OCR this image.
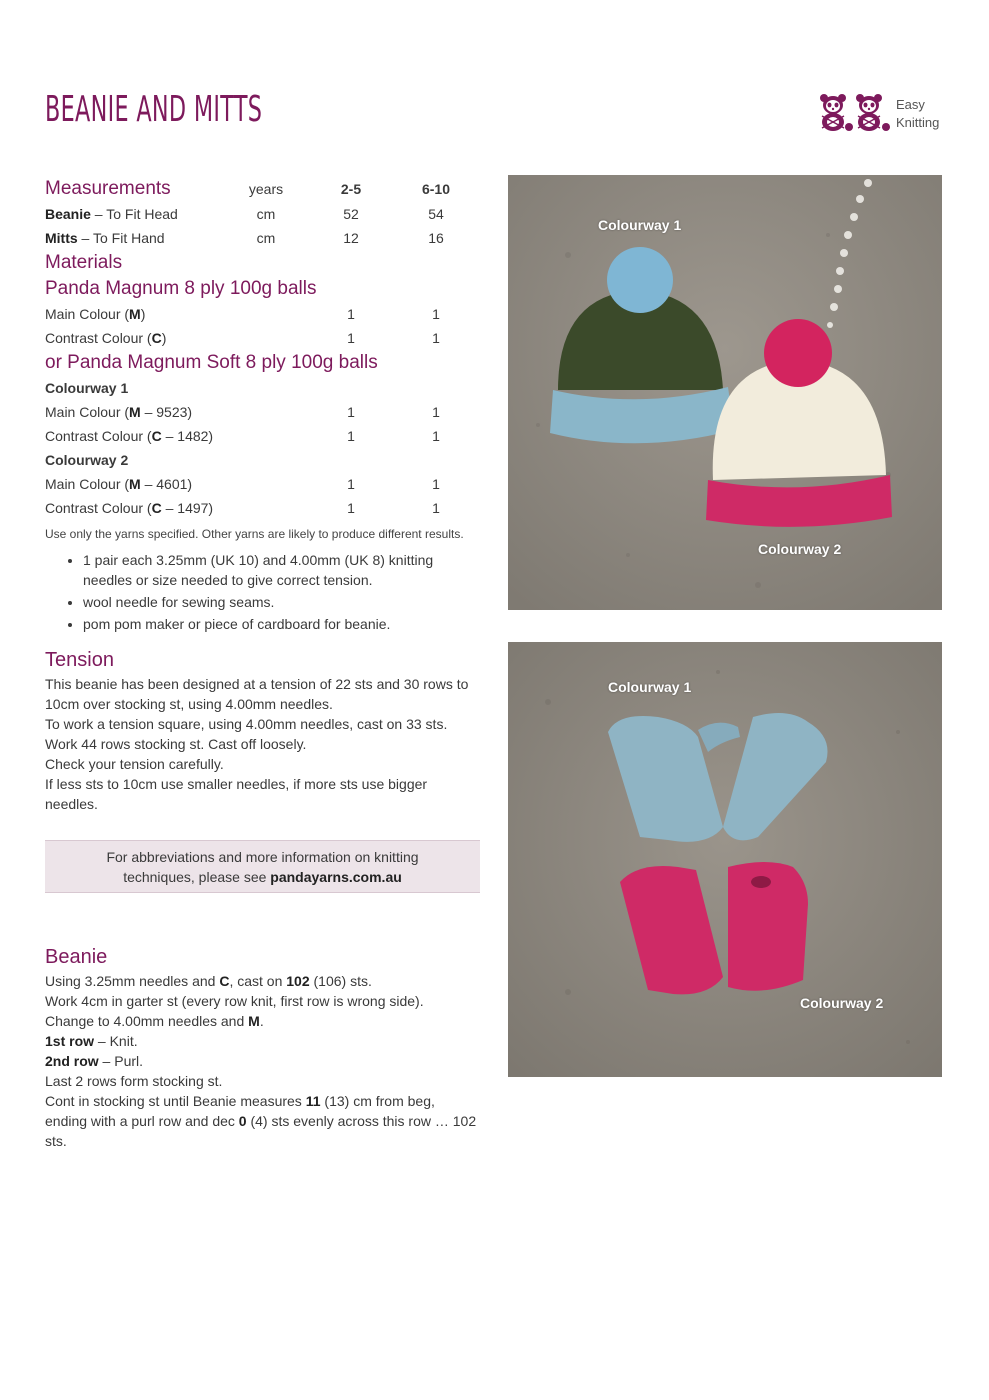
BEANIE AND MITTS	Easy
Knitting
Measurements	years	2-5	6-10
Beanie – To Fit Head	cm	52	54
Mitts – To Fit Hand	cm	12	16
Materials
Panda Magnum 8 ply 100g balls
Main Colour (M)	1	1
Contrast Colour (C)	1	1
or Panda Magnum Soft 8 ply 100g balls
Colourway 1
Main Colour (M – 9523)	1	1
Contrast Colour (C – 1482)	1	1
Colourway 2
Main Colour (M – 4601)	1	1
Contrast Colour (C – 1497)	1	1

Use only the yarns specified. Other yarns are likely to produce different results.

• 1 pair each 3.25mm (UK 10) and 4.00mm (UK 8) knitting needles or size needed to give correct tension.
• wool needle for sewing seams.
• pom pom maker or piece of cardboard for beanie.
Tension

This beanie has been designed at a tension of 22 sts and 30 rows to 10cm over stocking st, using 4.00mm needles.

To work a tension square, using 4.00mm needles, cast on 33 sts.

Work 44 rows stocking st. Cast off loosely.

Check your tension carefully.

If less sts to 10cm use smaller needles, if more sts use bigger needles.

For abbreviations and more information on knitting
techniques, please see pandayarns.com.au
Beanie

Using 3.25mm needles and C, cast on 102 (106) sts.

Work 4cm in garter st (every row knit, first row is wrong side).

Change to 4.00mm needles and M.

1st row – Knit.

2nd row – Purl.

Last 2 rows form stocking st.

Cont in stocking st until Beanie measures 11 (13) cm from beg, ending with a purl row and dec 0 (4) sts evenly across this row … 102 sts.

Colourway 1
Colourway 2
Colourway 1
Colourway 2
